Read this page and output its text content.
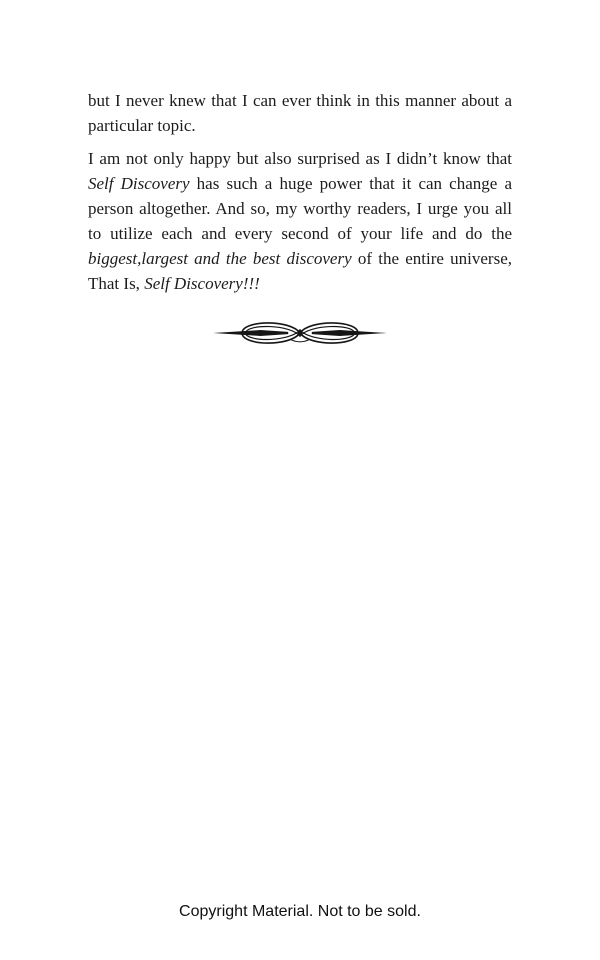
but I never knew that I can ever think in this manner about a particular topic.

I am not only happy but also surprised as I didn’t know that Self Discovery has such a huge power that it can change a person altogether. And so, my worthy readers, I urge you all to utilize each and every second of your life and do the biggest,largest and the best discovery of the entire universe, That Is, Self Discovery!!!

Copyright Material. Not to be sold.
